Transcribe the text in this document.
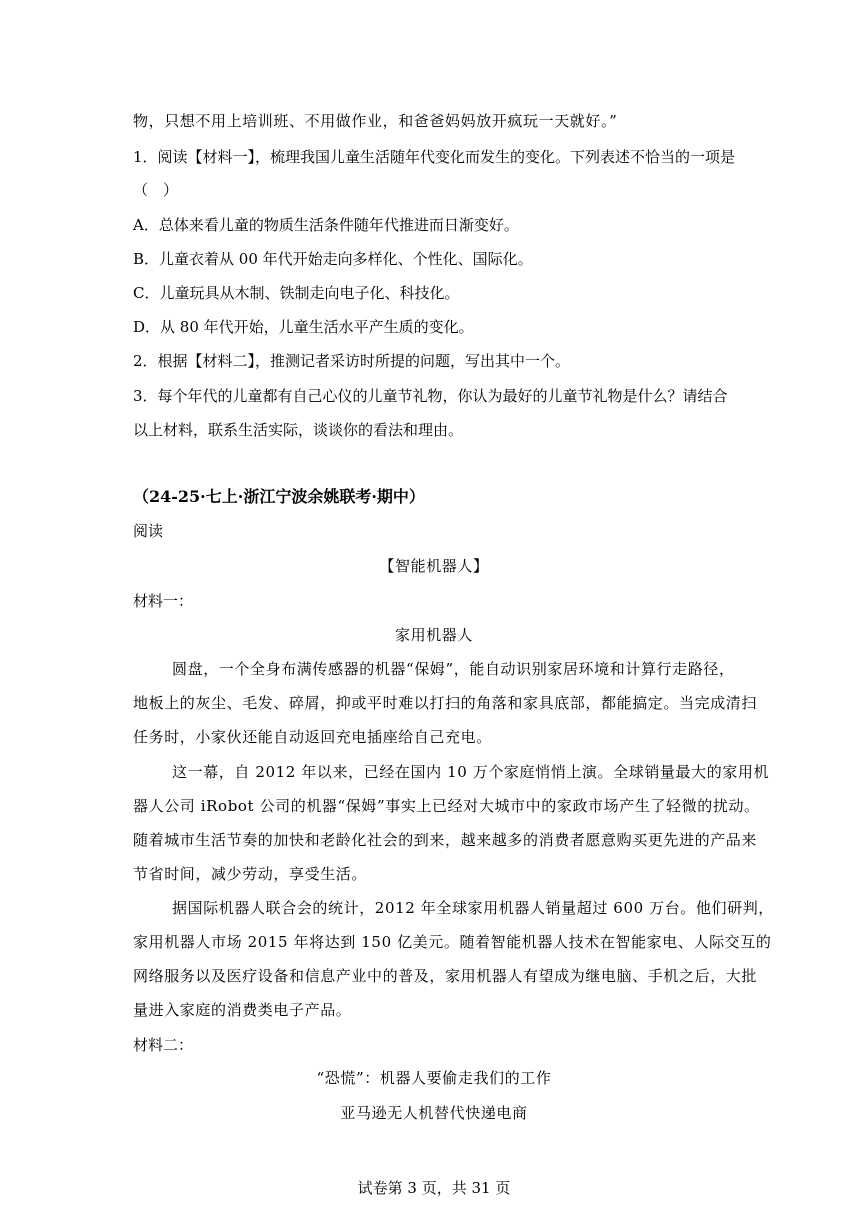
物，只想不用上培训班、不用做作业，和爸爸妈妈放开疯玩一天就好。”
1．阅读【材料一】，梳理我国儿童生活随年代变化而发生的变化。下列表述不恰当的一项是
（　）
A．总体来看儿童的物质生活条件随年代推进而日渐变好。
B．儿童衣着从 00 年代开始走向多样化、个性化、国际化。
C．儿童玩具从木制、铁制走向电子化、科技化。
D．从 80 年代开始，儿童生活水平产生质的变化。
2．根据【材料二】，推测记者采访时所提的问题，写出其中一个。
3．每个年代的儿童都有自己心仪的儿童节礼物，你认为最好的儿童节礼物是什么？请结合
以上材料，联系生活实际，谈谈你的看法和理由。
（24-25·七上·浙江宁波余姚联考·期中）
阅读
【智能机器人】
材料一：
家用机器人
圆盘，一个全身布满传感器的机器“保姆”，能自动识别家居环境和计算行走路径，
地板上的灰尘、毛发、碎屑，抑或平时难以打扫的角落和家具底部，都能搞定。当完成清扫
任务时，小家伙还能自动返回充电插座给自己充电。
这一幕，自 2012 年以来，已经在国内 10 万个家庭悄悄上演。全球销量最大的家用机
器人公司 iRobot 公司的机器“保姆”事实上已经对大城市中的家政市场产生了轻微的扰动。
随着城市生活节奏的加快和老龄化社会的到来，越来越多的消费者愿意购买更先进的产品来
节省时间，减少劳动，享受生活。
据国际机器人联合会的统计，2012 年全球家用机器人销量超过 600 万台。他们研判，
家用机器人市场 2015 年将达到 150 亿美元。随着智能机器人技术在智能家电、人际交互的
网络服务以及医疗设备和信息产业中的普及，家用机器人有望成为继电脑、手机之后，大批
量进入家庭的消费类电子产品。
材料二：
“恐慌”：机器人要偷走我们的工作
亚马逊无人机替代快递电商
试卷第 3 页，共 31 页
